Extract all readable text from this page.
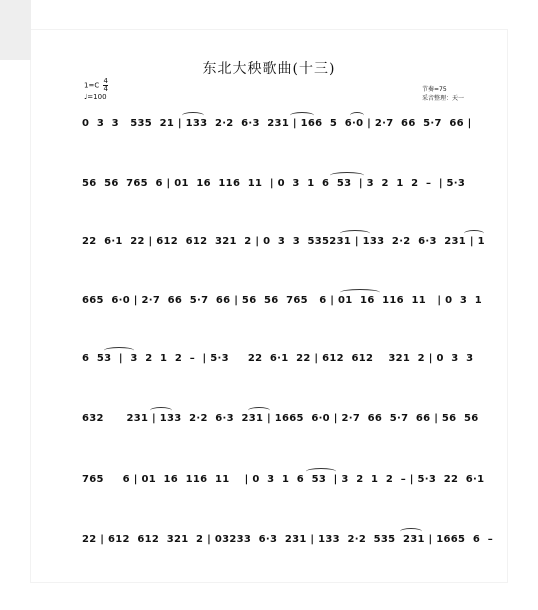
东北大秧歌曲(十三)
$1=C \frac{4}{4}$
♩=100
节奏=75
采音整理：天一
0  3  3   535  21 | 133  2·2  6·3  231 | 166  5  6·0 | 2·7  66  5·7  66 |
56  56  765  6 | 01  16  116  11  | 0  3  1  6  53  | 3  2  1  2  –  | 5·3
22  6·1  22 | 612  612  321  2 | 0  3  3  535231 | 133  2·2  6·3  231 | 1
665  6·0 | 2·7  66  5·7  66 | 56  56  765   6 | 01  16  116  11   | 0  3  1
6  53  |  3  2  1  2  –  | 5·3     22  6·1  22 | 612  612    321  2 | 0  3  3
632      231 | 133  2·2  6·3  231 | 1665  6·0 | 2·7  66  5·7  66 | 56  56
765     6 | 01  16  116  11    | 0  3  1  6  53  | 3  2  1  2  – | 5·3  22  6·1
22 | 612  612  321  2 | 03233  6·3  231 | 133  2·2  535  231 | 1665  6  –
